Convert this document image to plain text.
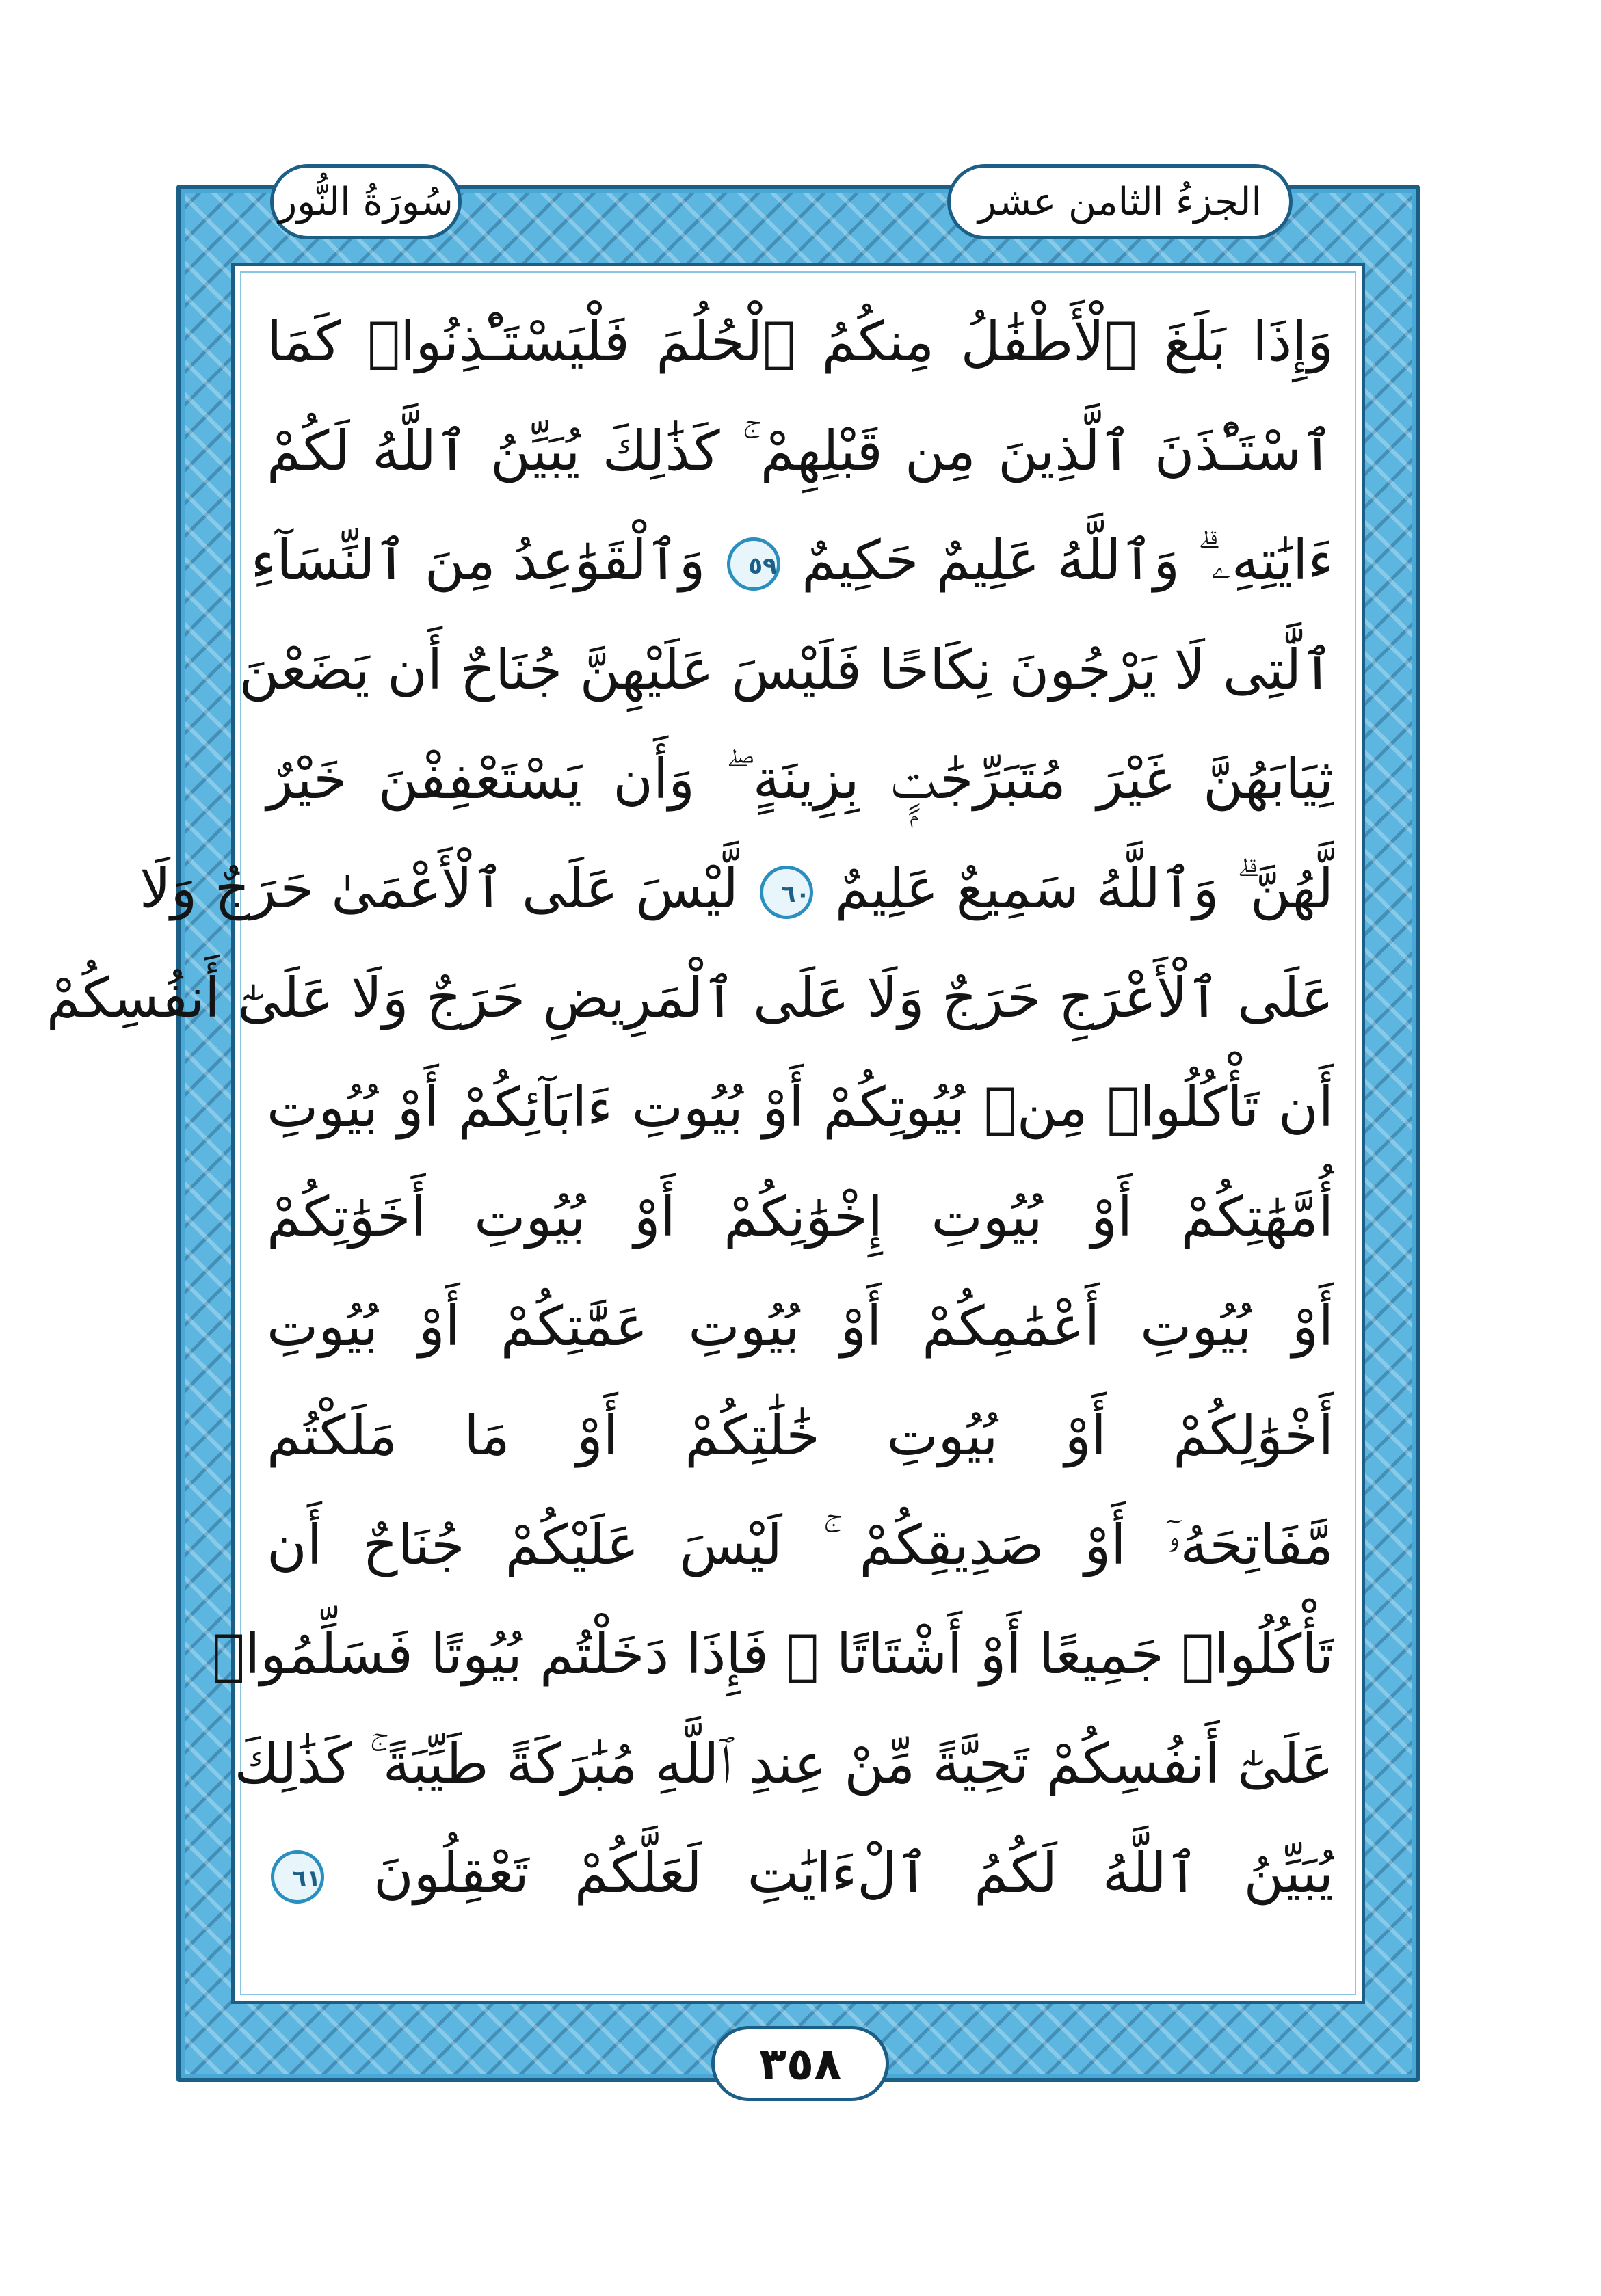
سُورَةُ النُّور	الجزءُ الثامن عشر
وَإِذَا بَلَغَ ٱلْأَطْفَٰلُ مِنكُمُ ٱلْحُلُمَ فَلْيَسْتَـْٔذِنُوا۟ كَمَا
ٱسْتَـْٔذَنَ ٱلَّذِينَ مِن قَبْلِهِمْ ۚ كَذَٰلِكَ يُبَيِّنُ ٱللَّهُ لَكُمْ
ءَايَٰتِهِۦ ۗ وَٱللَّهُ عَلِيمٌ حَكِيمٌ ٥٩ وَٱلْقَوَٰعِدُ مِنَ ٱلنِّسَآءِ
ٱلَّٰتِى لَا يَرْجُونَ نِكَاحًا فَلَيْسَ عَلَيْهِنَّ جُنَاحٌ أَن يَضَعْنَ
ثِيَابَهُنَّ غَيْرَ مُتَبَرِّجَٰتٍۭ بِزِينَةٍ ۖ وَأَن يَسْتَعْفِفْنَ خَيْرٌ
لَّهُنَّ ۗ وَٱللَّهُ سَمِيعٌ عَلِيمٌ ٦٠ لَّيْسَ عَلَى ٱلْأَعْمَىٰ حَرَجٌ وَلَا
عَلَى ٱلْأَعْرَجِ حَرَجٌ وَلَا عَلَى ٱلْمَرِيضِ حَرَجٌ وَلَا عَلَىٰٓ أَنفُسِكُمْ
أَن تَأْكُلُوا۟ مِنۢ بُيُوتِكُمْ أَوْ بُيُوتِ ءَابَآئِكُمْ أَوْ بُيُوتِ
أُمَّهَٰتِكُمْ أَوْ بُيُوتِ إِخْوَٰنِكُمْ أَوْ بُيُوتِ أَخَوَٰتِكُمْ
أَوْ بُيُوتِ أَعْمَٰمِكُمْ أَوْ بُيُوتِ عَمَّٰتِكُمْ أَوْ بُيُوتِ
أَخْوَٰلِكُمْ أَوْ بُيُوتِ خَٰلَٰتِكُمْ أَوْ مَا مَلَكْتُم
مَّفَاتِحَهُۥٓ أَوْ صَدِيقِكُمْ ۚ لَيْسَ عَلَيْكُمْ جُنَاحٌ أَن
تَأْكُلُوا۟ جَمِيعًا أَوْ أَشْتَاتًا ۚ فَإِذَا دَخَلْتُم بُيُوتًا فَسَلِّمُوا۟
عَلَىٰٓ أَنفُسِكُمْ تَحِيَّةً مِّنْ عِندِ ٱللَّهِ مُبَٰرَكَةً طَيِّبَةً ۚ كَذَٰلِكَ
يُبَيِّنُ ٱللَّهُ لَكُمُ ٱلْءَايَٰتِ لَعَلَّكُمْ تَعْقِلُونَ ٦١
٣٥٨
